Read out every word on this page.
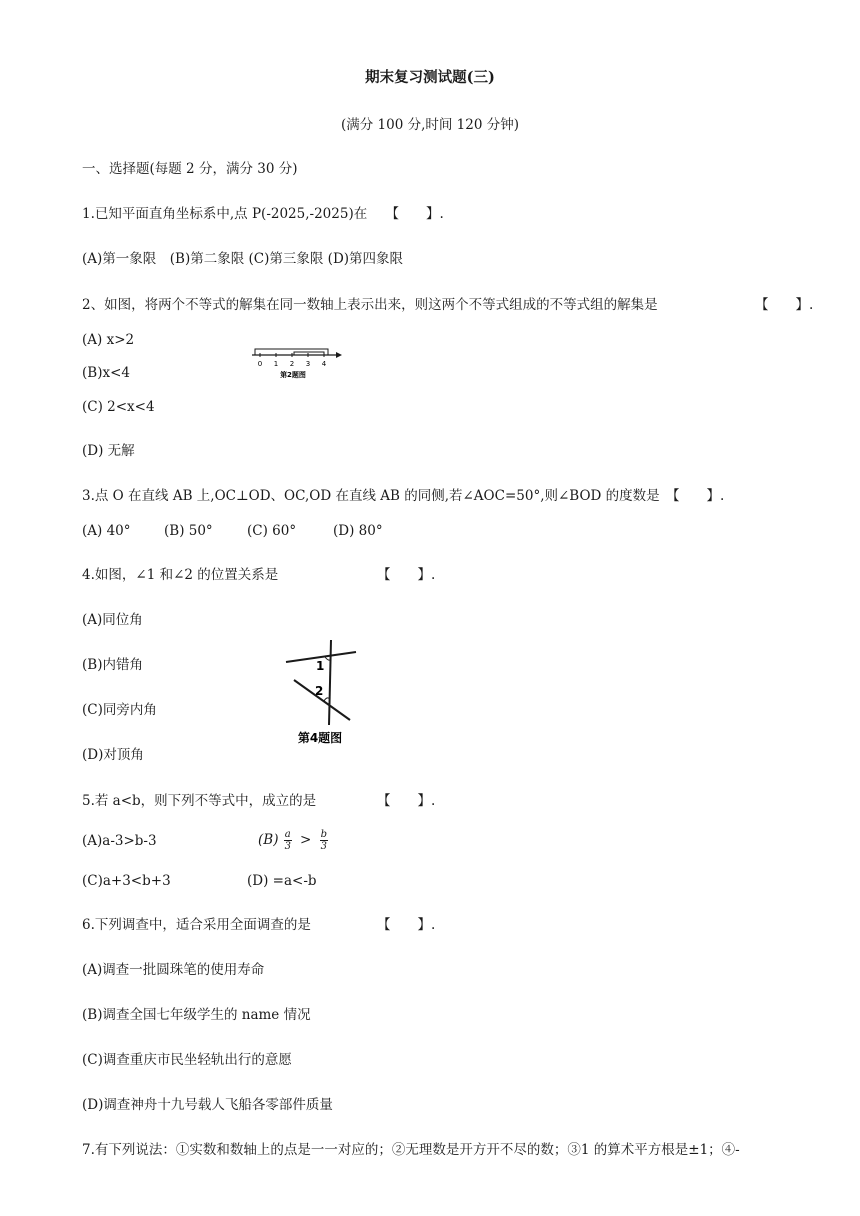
期末复习测试题(三)
(满分 100 分,时间 120 分钟)
一、选择题(每题 2 分，满分 30 分)
1.已知平面直角坐标系中,点 P(-2025,-2025)在 【　　】.
(A)第一象限　(B)第二象限 (C)第三象限 (D)第四象限
2、如图，将两个不等式的解集在同一数轴上表示出来，则这两个不等式组成的不等式组的解集是	【　　】.
(A) x>2
(B)x<4
(C) 2<x<4
(D) 无解
0 1 2 3 4
第2题图
3.点 O 在直线 AB 上,OC⊥OD、OC,OD 在直线 AB 的同侧,若∠AOC=50°,则∠BOD 的度数是 【　　】.
(A) 40° (B) 50°	(C) 60°	(D) 80°
4.如图，∠1 和∠2 的位置关系是	【　　】.
(A)同位角
(B)内错角
(C)同旁内角
(D)对顶角
1
2
第4题图
5.若 a<b，则下列不等式中，成立的是	【　　】.
(A)a-3>b-3	$(B) \frac{a}{3} > \frac{b}{3}$
(C)a+3<b+3	(D) =a<-b
6.下列调查中，适合采用全面调查的是	【　　】.
(A)调查一批圆珠笔的使用寿命
(B)调查全国七年级学生的 name 情况
(C)调查重庆市民坐轻轨出行的意愿
(D)调查神舟十九号载人飞船各零部件质量
7.有下列说法：①实数和数轴上的点是一一对应的；②无理数是开方开不尽的数；③1 的算术平方根是±1；④-
